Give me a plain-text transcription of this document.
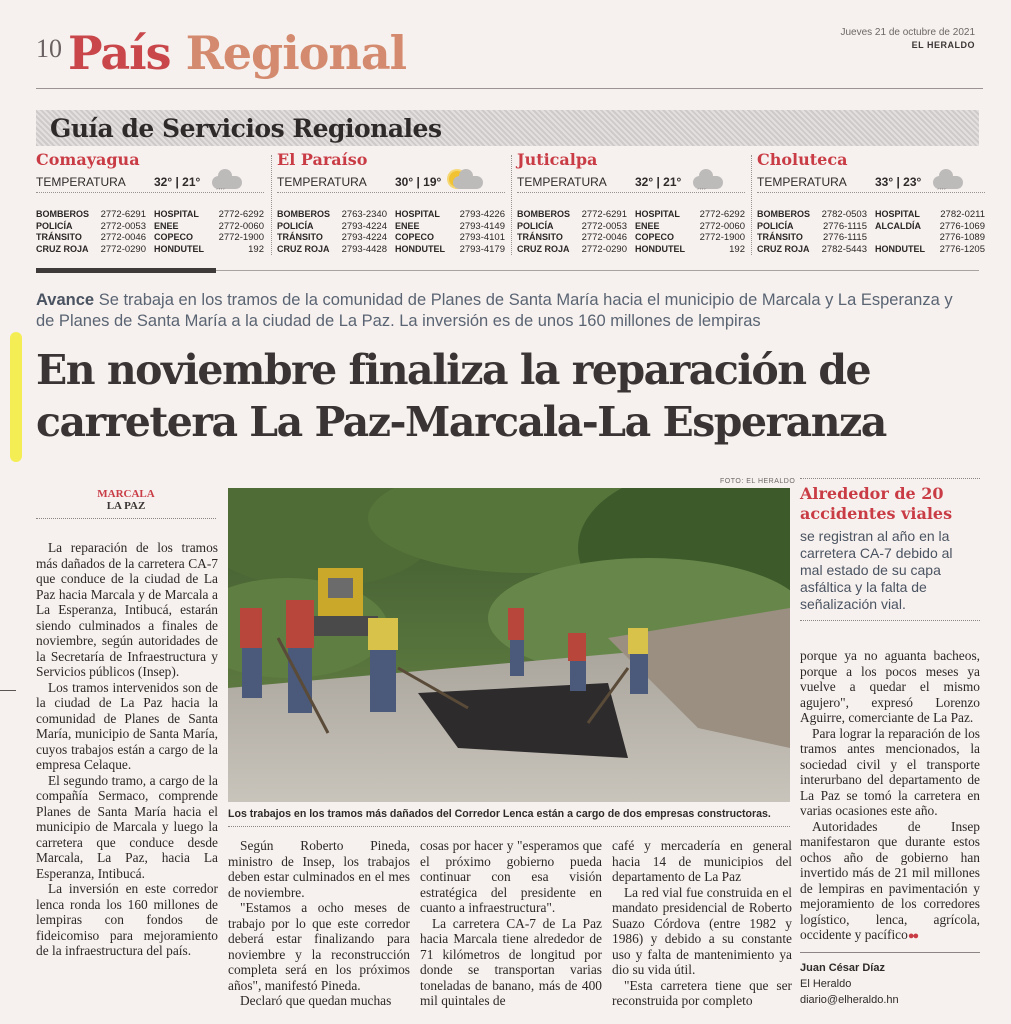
10 País Regional	Jueves 21 de octubre de 2021
EL HERALDO
Guía de Servicios Regionales
Comayagua
TEMPERATURA	32° | 21°
′′′′
BOMBEROS 2772-6291 HOSPITAL 2772-6292
POLICÍA	2772-0053 ENEE	2772-0060
TRÁNSITO 2772-0046 COPECO	2772-1900
CRUZ ROJA 2772-0290 HONDUTEL	192
El Paraíso
TEMPERATURA	30° | 19°
BOMBEROS 2763-2340 HOSPITAL 2793-4226
POLICÍA	2793-4224 ENEE	2793-4149
TRÁNSITO 2793-4224 COPECO	2793-4101
CRUZ ROJA 2793-4428 HONDUTEL 2793-4179
Juticalpa
TEMPERATURA	32° | 21°
′′′′
BOMBEROS 2772-6291 HOSPITAL 2772-6292
POLICÍA	2772-0053 ENEE	2772-0060
TRÁNSITO 2772-0046 COPECO	2772-1900
CRUZ ROJA 2772-0290 HONDUTEL	192
Choluteca
TEMPERATURA	33° | 23°
′′′′
BOMBEROS 2782-0503 HOSPITAL 2782-0211
POLICÍA	2776-1115 ALCALDÍA 2776-1069
TRÁNSITO 2776-1115	2776-1089
CRUZ ROJA 2782-5443 HONDUTEL 2776-1205
Avance Se trabaja en los tramos de la comunidad de Planes de Santa María hacia el municipio de Marcala y La Esperanza y de Planes de Santa María a la ciudad de La Paz. La inversión es de unos 160 millones de lempiras
En noviembre finaliza la reparación de
carretera La Paz-Marcala-La Esperanza
MARCALA
LA PAZ

La reparación de los tramos más dañados de la carretera CA-7 que conduce de la ciudad de La Paz hacia Marcala y de Marcala a La Esperanza, Intibucá, estarán siendo culminados a finales de noviembre, según autoridades de la Secretaría de Infraestructura y Servicios públicos (Insep).

Los tramos intervenidos son de la ciudad de La Paz hacia la comunidad de Planes de Santa María, municipio de Santa María, cuyos trabajos están a cargo de la empresa Celaque.

El segundo tramo, a cargo de la compañía Sermaco, comprende Planes de Santa María hacia el municipio de Marcala y luego la carretera que conduce desde Marcala, La Paz, hacia La Esperanza, Intibucá.

La inversión en este corredor lenca ronda los 160 millones de lempiras con fondos de fideicomiso para mejoramiento de la infraestructura del país.

FOTO: EL HERALDO
Los trabajos en los tramos más dañados del Corredor Lenca están a cargo de dos empresas constructoras.
Alrededor de 20 accidentes viales
se registran al año en la carretera CA-7 debido al mal estado de su capa asfáltica y la falta de señalización vial.

Según Roberto Pineda, ministro de Insep, los trabajos deben estar culminados en el mes de noviembre.

"Estamos a ocho meses de trabajo por lo que este corredor deberá estar finalizando para noviembre y la reconstrucción completa será en los próximos años", manifestó Pineda.

Declaró que quedan muchas

cosas por hacer y "esperamos que el próximo gobierno pueda continuar con esa visión estratégica del presidente en cuanto a infraestructura".

La carretera CA-7 de La Paz hacia Marcala tiene alrededor de 71 kilómetros de longitud por donde se transportan varias toneladas de banano, más de 400 mil quintales de

café y mercadería en general hacia 14 de municipios del departamento de La Paz

La red vial fue construida en el mandato presidencial de Roberto Suazo Córdova (entre 1982 y 1986) y debido a su constante uso y falta de mantenimiento ya dio su vida útil.

"Esta carretera tiene que ser reconstruida por completo

porque ya no aguanta bacheos, porque a los pocos meses ya vuelve a quedar el mismo agujero", expresó Lorenzo Aguirre, comerciante de La Paz.

Para lograr la reparación de los tramos antes mencionados, la sociedad civil y el transporte interurbano del departamento de La Paz se tomó la carretera en varias ocasiones este año.

Autoridades de Insep manifestaron que durante estos ochos año de gobierno han invertido más de 21 mil millones de lempiras en pavimentación y mejoramiento de los corredores logístico, lenca, agrícola, occidente y pacífico●●

Juan César Díaz
El Heraldo
diario@elheraldo.hn
